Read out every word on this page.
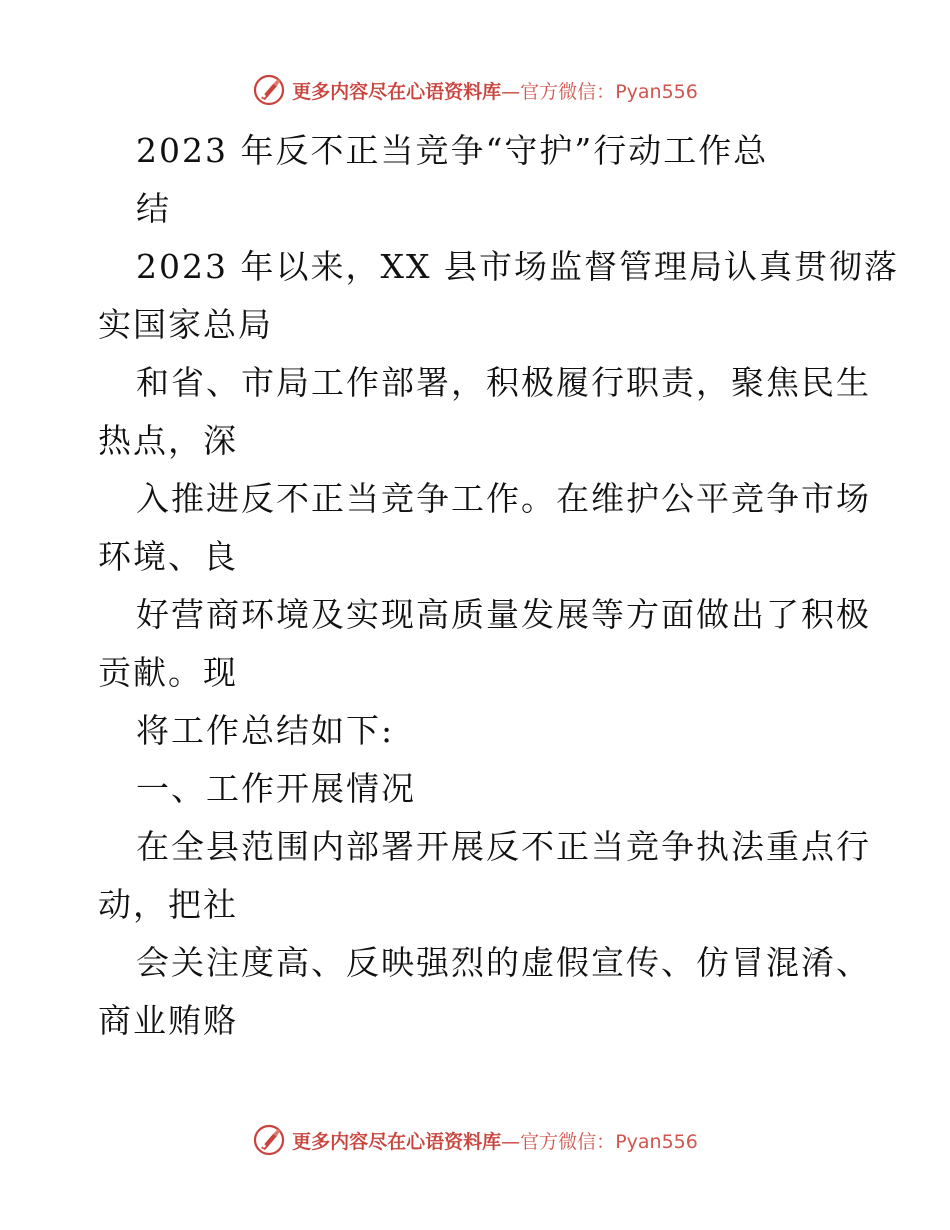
更多内容尽在心语资料库—官方微信：Pyan556

2023 年反不正当竞争“守护”行动工作总

结

2023 年以来，XX 县市场监督管理局认真贯彻落

实国家总局

和省、市局工作部署，积极履行职责，聚焦民生

热点，深

入推进反不正当竞争工作。在维护公平竞争市场

环境、良

好营商环境及实现高质量发展等方面做出了积极

贡献。现

将工作总结如下:

一、工作开展情况

在全县范围内部署开展反不正当竞争执法重点行

动，把社

会关注度高、反映强烈的虚假宣传、仿冒混淆、

商业贿赂

更多内容尽在心语资料库—官方微信：Pyan556
